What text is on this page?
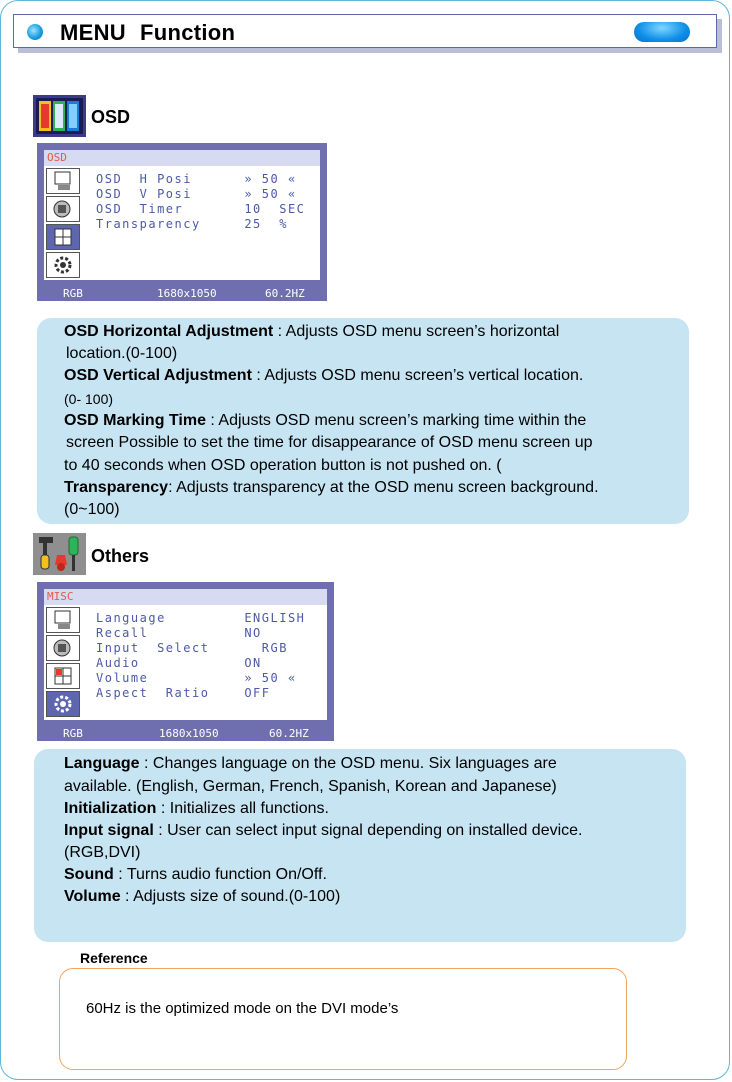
MENU Function
OSD
OSD
OSD  H Posi      » 50 «
OSD  V Posi      » 50 «
OSD  Timer       10  SEC
Transparency     25  %
RGB	1680x1050	60.2HZ

OSD Horizontal Adjustment : Adjusts OSD menu screen’s horizontal

location.(0-100)

OSD Vertical Adjustment : Adjusts OSD menu screen’s vertical location.

(0- 100)

OSD Marking Time : Adjusts OSD menu screen’s marking time within the

screen Possible to set the time for disappearance of OSD menu screen up

to 40 seconds when OSD operation button is not pushed on. (

Transparency: Adjusts transparency at the OSD menu screen background.

(0~100)

Others
MISC
Language         ENGLISH
Recall           NO
Input  Select      RGB
Audio            ON
Volume           » 50 «
Aspect  Ratio    OFF
RGB	1680x1050	60.2HZ

Language : Changes language on the OSD menu. Six languages are

available. (English, German, French, Spanish, Korean and Japanese)

Initialization : Initializes all functions.

Input signal : User can select input signal depending on installed device.

(RGB,DVI)

Sound : Turns audio function On/Off.

Volume : Adjusts size of sound.(0-100)

Reference
60Hz is the optimized mode on the DVI mode’s
